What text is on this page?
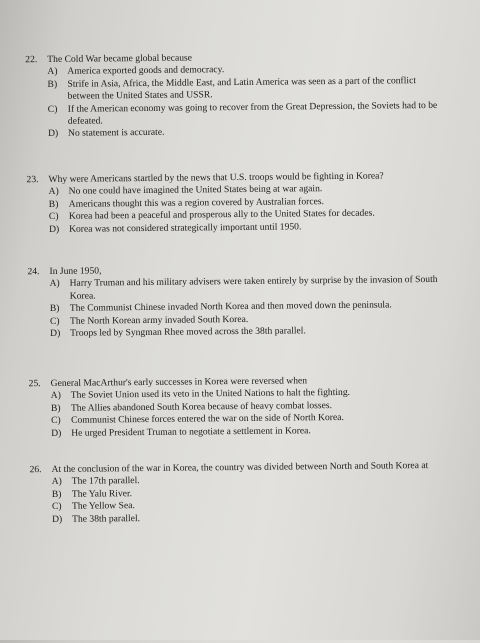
22.	The Cold War became global because
A)	America exported goods and democracy.
B)	Strife in Asia, Africa, the Middle East, and Latin America was seen as a part of the conflict between the United States and USSR.
C)	If the American economy was going to recover from the Great Depression, the Soviets had to be defeated.
D)	No statement is accurate.
23.	Why were Americans startled by the news that U.S. troops would be fighting in Korea?
A)	No one could have imagined the United States being at war again.
B)	Americans thought this was a region covered by Australian forces.
C)	Korea had been a peaceful and prosperous ally to the United States for decades.
D)	Korea was not considered strategically important until 1950.
24.	In June 1950,
A)	Harry Truman and his military advisers were taken entirely by surprise by the invasion of South Korea.
B)	The Communist Chinese invaded North Korea and then moved down the peninsula.
C)	The North Korean army invaded South Korea.
D)	Troops led by Syngman Rhee moved across the 38th parallel.
25.	General MacArthur's early successes in Korea were reversed when
A)	The Soviet Union used its veto in the United Nations to halt the fighting.
B)	The Allies abandoned South Korea because of heavy combat losses.
C)	Communist Chinese forces entered the war on the side of North Korea.
D)	He urged President Truman to negotiate a settlement in Korea.
26.	At the conclusion of the war in Korea, the country was divided between North and South Korea at
A)	The 17th parallel.
B)	The Yalu River.
C)	The Yellow Sea.
D)	The 38th parallel.
